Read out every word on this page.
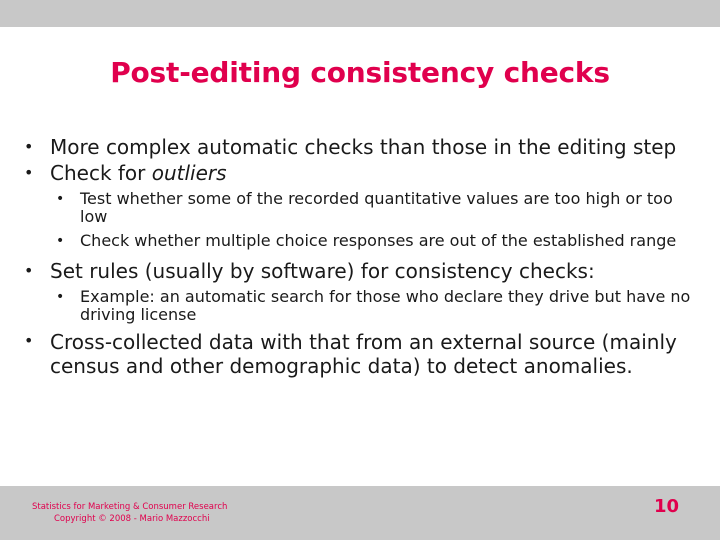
Post-editing consistency checks
• More complex automatic checks than those in the editing step
• Check for outliers
• Test whether some of the recorded quantitative values are too high or too low
• Check whether multiple choice responses are out of the established range
• Set rules (usually by software) for consistency checks:
• Example: an automatic search for those who declare they drive but have no driving license
• Cross-collected data with that from an external source (mainly census and other demographic data) to detect anomalies.
Statistics for Marketing & Consumer Research
Copyright © 2008 - Mario Mazzocchi
10
